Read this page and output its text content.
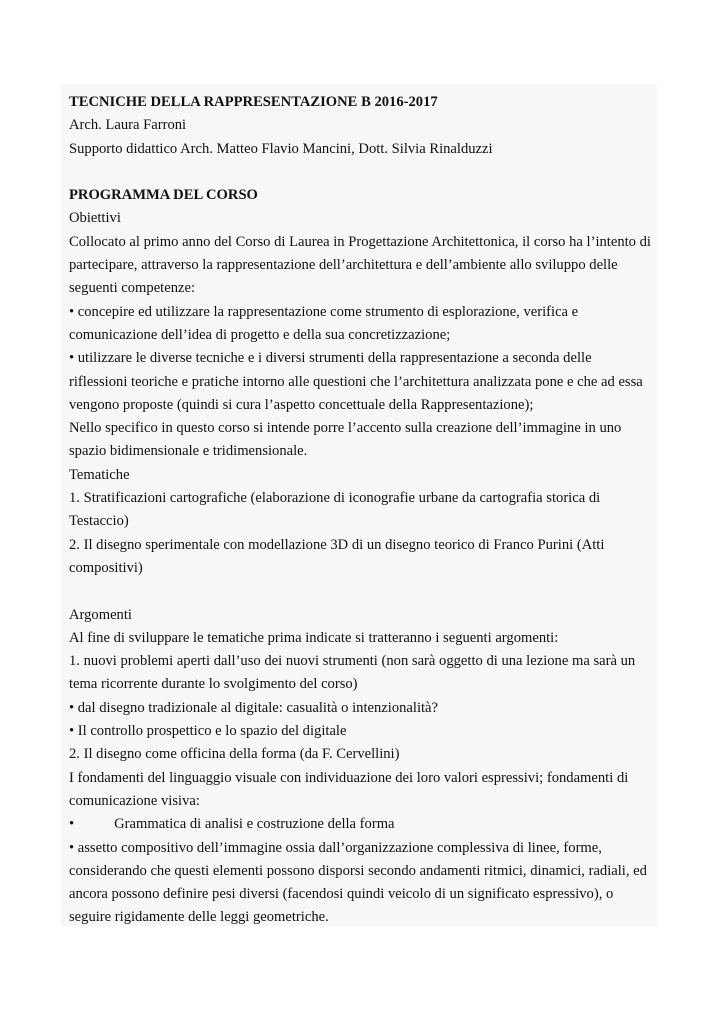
TECNICHE DELLA RAPPRESENTAZIONE B 2016-2017
Arch. Laura Farroni
Supporto didattico Arch. Matteo Flavio Mancini, Dott. Silvia Rinalduzzi
PROGRAMMA DEL CORSO
Obiettivi
Collocato al primo anno del Corso di Laurea in Progettazione Architettonica, il corso ha l’intento di
partecipare, attraverso la rappresentazione dell’architettura e dell’ambiente allo sviluppo delle
seguenti competenze:
• concepire ed utilizzare la rappresentazione come strumento di esplorazione, verifica e
comunicazione dell’idea di progetto e della sua concretizzazione;
• utilizzare le diverse tecniche e i diversi strumenti della rappresentazione a seconda delle
riflessioni teoriche e pratiche intorno alle questioni che l’architettura analizzata pone e che ad essa
vengono proposte (quindi si cura l’aspetto concettuale della Rappresentazione);
Nello specifico in questo corso si intende porre l’accento sulla creazione dell’immagine in uno
spazio bidimensionale e tridimensionale.
Tematiche
1. Stratificazioni cartografiche (elaborazione di iconografie urbane da cartografia storica di
Testaccio)
2. Il disegno sperimentale con modellazione 3D di un disegno teorico di Franco Purini (Atti
compositivi)
Argomenti
Al fine di sviluppare le tematiche prima indicate si tratteranno i seguenti argomenti:
1. nuovi problemi aperti dall’uso dei nuovi strumenti (non sarà oggetto di una lezione ma sarà un
tema ricorrente durante lo svolgimento del corso)
• dal disegno tradizionale al digitale: casualità o intenzionalità?
• Il controllo prospettico e lo spazio del digitale
2. Il disegno come officina della forma (da F. Cervellini)
I fondamenti del linguaggio visuale con individuazione dei loro valori espressivi; fondamenti di
comunicazione visiva:
•	Grammatica di analisi e costruzione della forma
• assetto compositivo dell’immagine ossia dall’organizzazione complessiva di linee, forme,
considerando che questi elementi possono disporsi secondo andamenti ritmici, dinamici, radiali, ed
ancora possono definire pesi diversi (facendosi quindi veicolo di un significato espressivo), o
seguire rigidamente delle leggi geometriche.
